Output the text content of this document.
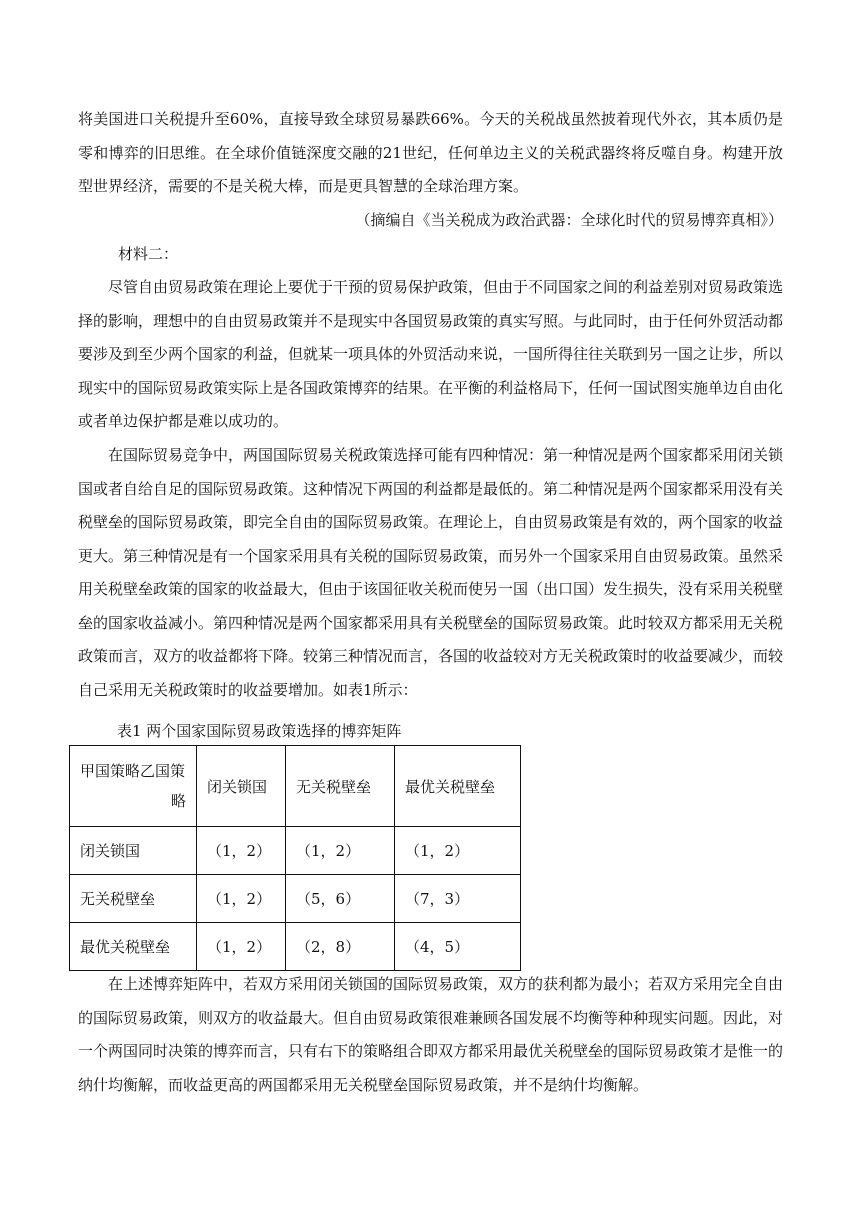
将美国进口关税提升至60%，直接导致全球贸易暴跌66%。今天的关税战虽然披着现代外衣，其本质仍是零和博弈的旧思维。在全球价值链深度交融的21世纪，任何单边主义的关税武器终将反噬自身。构建开放型世界经济，需要的不是关税大棒，而是更具智慧的全球治理方案。

（摘编自《当关税成为政治武器：全球化时代的贸易博弈真相》）
材料二：

尽管自由贸易政策在理论上要优于干预的贸易保护政策，但由于不同国家之间的利益差别对贸易政策选择的影响，理想中的自由贸易政策并不是现实中各国贸易政策的真实写照。与此同时，由于任何外贸活动都要涉及到至少两个国家的利益，但就某一项具体的外贸活动来说，一国所得往往关联到另一国之让步，所以现实中的国际贸易政策实际上是各国政策博弈的结果。在平衡的利益格局下，任何一国试图实施单边自由化或者单边保护都是难以成功的。

在国际贸易竞争中，两国国际贸易关税政策选择可能有四种情况：第一种情况是两个国家都采用闭关锁国或者自给自足的国际贸易政策。这种情况下两国的利益都是最低的。第二种情况是两个国家都采用没有关税壁垒的国际贸易政策，即完全自由的国际贸易政策。在理论上，自由贸易政策是有效的，两个国家的收益更大。第三种情况是有一个国家采用具有关税的国际贸易政策，而另外一个国家采用自由贸易政策。虽然采用关税壁垒政策的国家的收益最大，但由于该国征收关税而使另一国（出口国）发生损失，没有采用关税壁垒的国家收益减小。第四种情况是两个国家都采用具有关税壁垒的国际贸易政策。此时较双方都采用无关税政策而言，双方的收益都将下降。较第三种情况而言，各国的收益较对方无关税政策时的收益要减少，而较自己采用无关税政策时的收益要增加。如表1所示：

表1 两个国家国际贸易政策选择的博弈矩阵
甲国策略乙国策
略	闭关锁国	无关税壁垒	最优关税壁垒
闭关锁国	（1，2）	（1，2）	（1，2）
无关税壁垒	（1，2）	（5，6）	（7，3）
最优关税壁垒	（1，2）	（2，8）	（4，5）

在上述博弈矩阵中，若双方采用闭关锁国的国际贸易政策，双方的获利都为最小；若双方采用完全自由的国际贸易政策，则双方的收益最大。但自由贸易政策很难兼顾各国发展不均衡等种种现实问题。因此，对一个两国同时决策的博弈而言，只有右下的策略组合即双方都采用最优关税壁垒的国际贸易政策才是惟一的纳什均衡解，而收益更高的两国都采用无关税壁垒国际贸易政策，并不是纳什均衡解。
